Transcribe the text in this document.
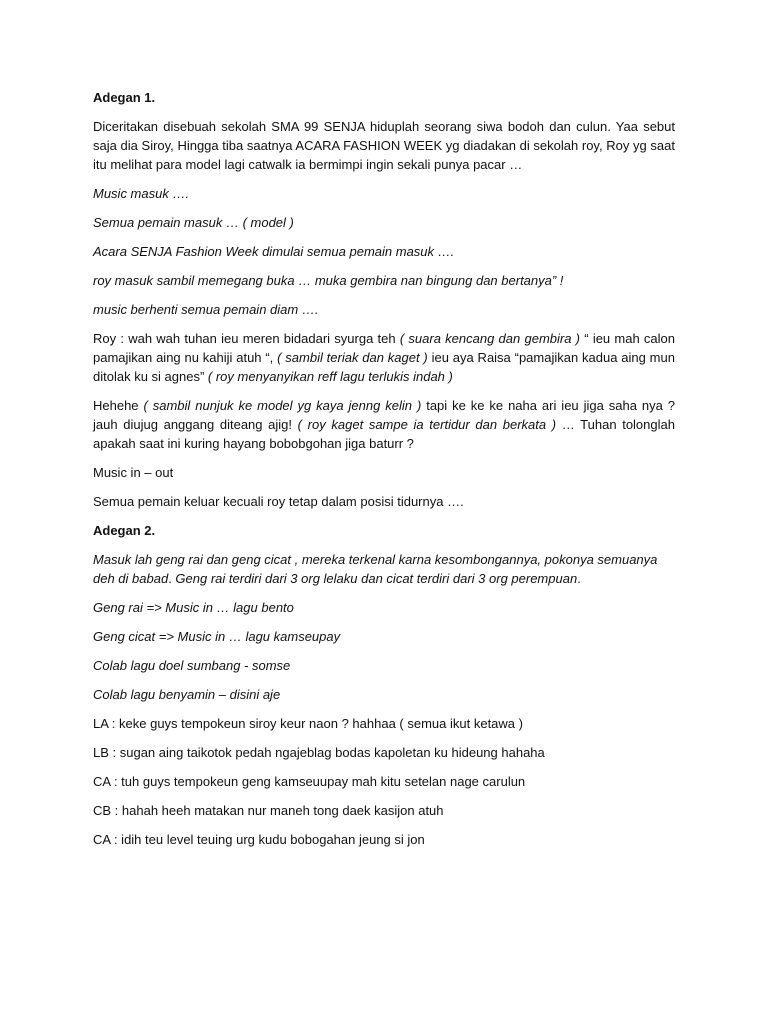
Adegan 1.

Diceritakan disebuah sekolah SMA 99 SENJA hiduplah seorang siwa bodoh dan culun. Yaa sebut saja dia Siroy, Hingga tiba saatnya ACARA FASHION WEEK yg diadakan di sekolah roy, Roy yg saat itu melihat para model lagi catwalk ia bermimpi ingin sekali punya pacar …

Music masuk ….

Semua pemain masuk … ( model )

Acara SENJA Fashion Week dimulai semua pemain masuk ….

roy masuk sambil memegang buka … muka gembira nan bingung dan bertanya” !

music berhenti semua pemain diam ….

Roy : wah wah tuhan ieu meren bidadari syurga teh ( suara kencang dan gembira ) “ ieu mah calon pamajikan aing nu kahiji atuh “, ( sambil teriak dan kaget ) ieu aya Raisa “pamajikan kadua aing mun ditolak ku si agnes” ( roy menyanyikan reff lagu terlukis indah )

Hehehe ( sambil nunjuk ke model yg kaya jenng kelin ) tapi ke ke ke naha ari ieu jiga saha nya ? jauh diujug anggang diteang ajig! ( roy kaget sampe ia tertidur dan berkata ) … Tuhan tolonglah apakah saat ini kuring hayang bobobgohan jiga baturr ?

Music in – out

Semua pemain keluar kecuali roy tetap dalam posisi tidurnya ….

Adegan 2.

Masuk lah geng rai dan geng cicat , mereka terkenal karna kesombongannya, pokonya semuanya deh di babad. Geng rai terdiri dari 3 org lelaku dan cicat terdiri dari 3 org perempuan.

Geng rai => Music in … lagu bento

Geng cicat => Music in … lagu kamseupay

Colab lagu doel sumbang - somse

Colab lagu benyamin – disini aje

LA : keke guys tempokeun siroy keur naon ? hahhaa ( semua ikut ketawa )

LB : sugan aing taikotok pedah ngajeblag bodas kapoletan ku hideung hahaha

CA : tuh guys tempokeun geng kamseuupay mah kitu setelan nage carulun

CB : hahah heeh matakan nur maneh tong daek kasijon atuh

CA : idih teu level teuing urg kudu bobogahan jeung si jon
